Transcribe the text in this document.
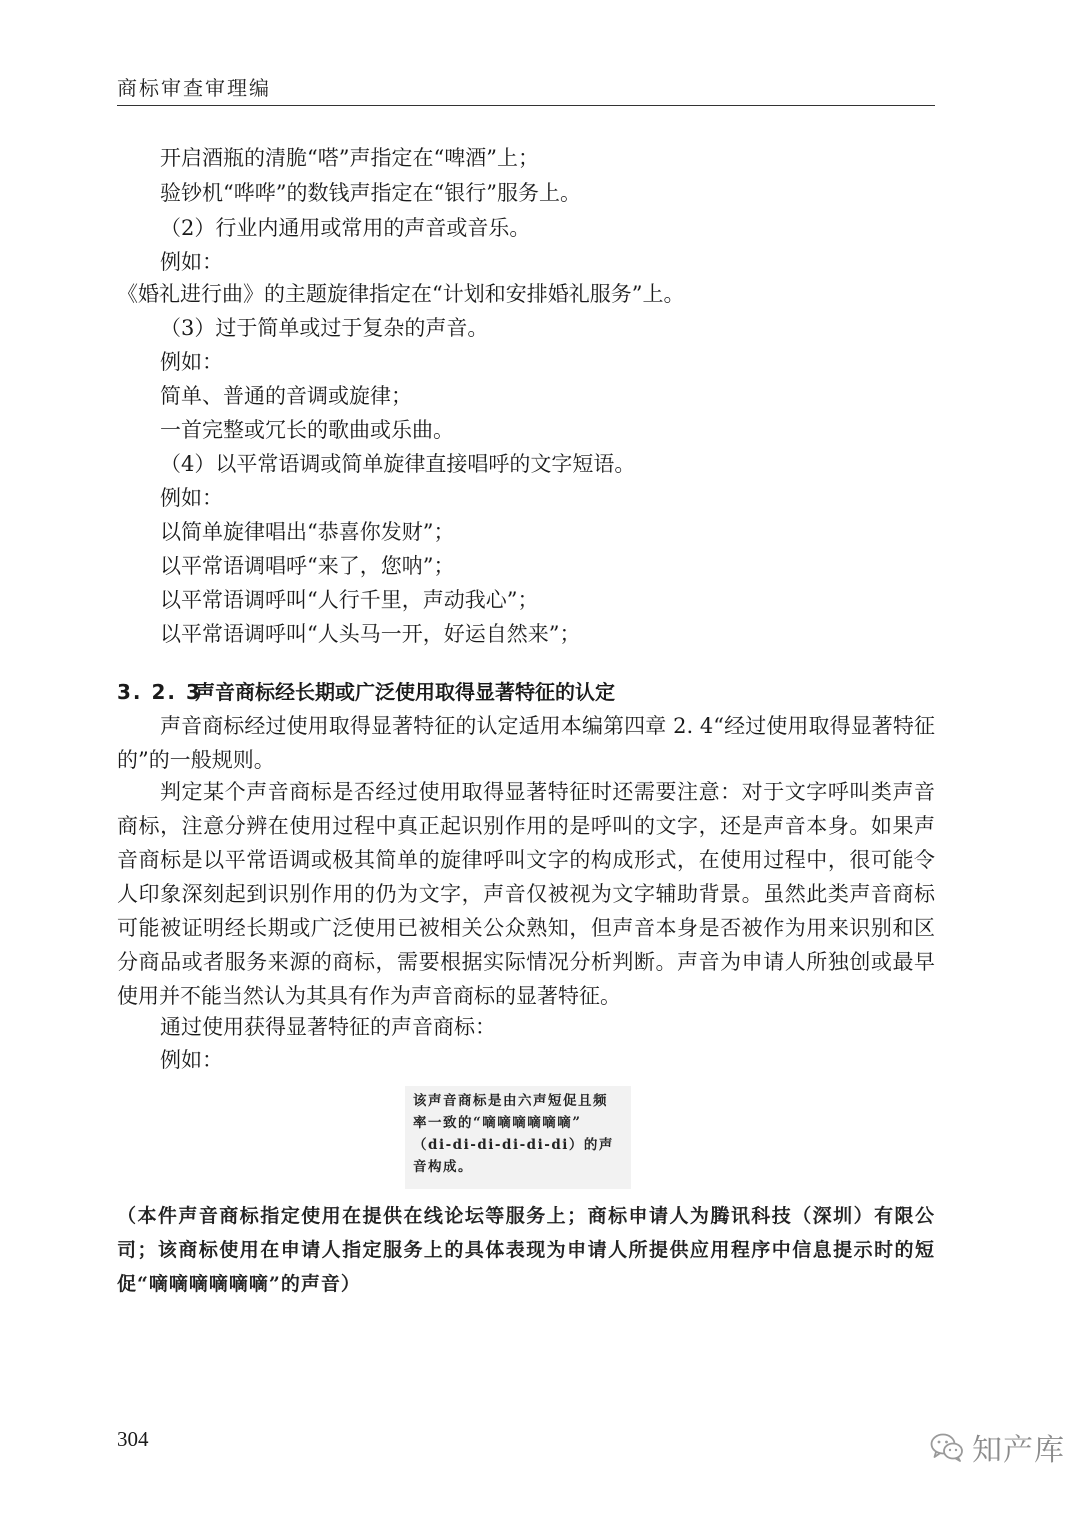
商标审查审理编
开启酒瓶的清脆“嗒”声指定在“啤酒”上；
验钞机“哗哗”的数钱声指定在“银行”服务上。
（2）行业内通用或常用的声音或音乐。
例如：
《婚礼进行曲》的主题旋律指定在“计划和安排婚礼服务”上。
（3）过于简单或过于复杂的声音。
例如：
简单、普通的音调或旋律；
一首完整或冗长的歌曲或乐曲。
（4）以平常语调或简单旋律直接唱呼的文字短语。
例如：
以简单旋律唱出“恭喜你发财”；
以平常语调唱呼“来了，您呐”；
以平常语调呼叫“人行千里，声动我心”；
以平常语调呼叫“人头马一开，好运自然来”；
3. 2. 3声音商标经长期或广泛使用取得显著特征的认定
声音商标经过使用取得显著特征的认定适用本编第四章 2. 4“经过使用取得显著特征的”的一般规则。
判定某个声音商标是否经过使用取得显著特征时还需要注意：对于文字呼叫类声音商标，注意分辨在使用过程中真正起识别作用的是呼叫的文字，还是声音本身。如果声音商标是以平常语调或极其简单的旋律呼叫文字的构成形式，在使用过程中，很可能令人印象深刻起到识别作用的仍为文字，声音仅被视为文字辅助背景。虽然此类声音商标可能被证明经长期或广泛使用已被相关公众熟知，但声音本身是否被作为用来识别和区分商品或者服务来源的商标，需要根据实际情况分析判断。声音为申请人所独创或最早使用并不能当然认为其具有作为声音商标的显著特征。
通过使用获得显著特征的声音商标：
例如：
该声音商标是由六声短促且频
率一致的“嘀嘀嘀嘀嘀嘀”
（di-di-di-di-di-di）的声
音构成。
（本件声音商标指定使用在提供在线论坛等服务上；商标申请人为腾讯科技（深圳）有限公司；该商标使用在申请人指定服务上的具体表现为申请人所提供应用程序中信息提示时的短促“嘀嘀嘀嘀嘀嘀”的声音）
304	知产库
